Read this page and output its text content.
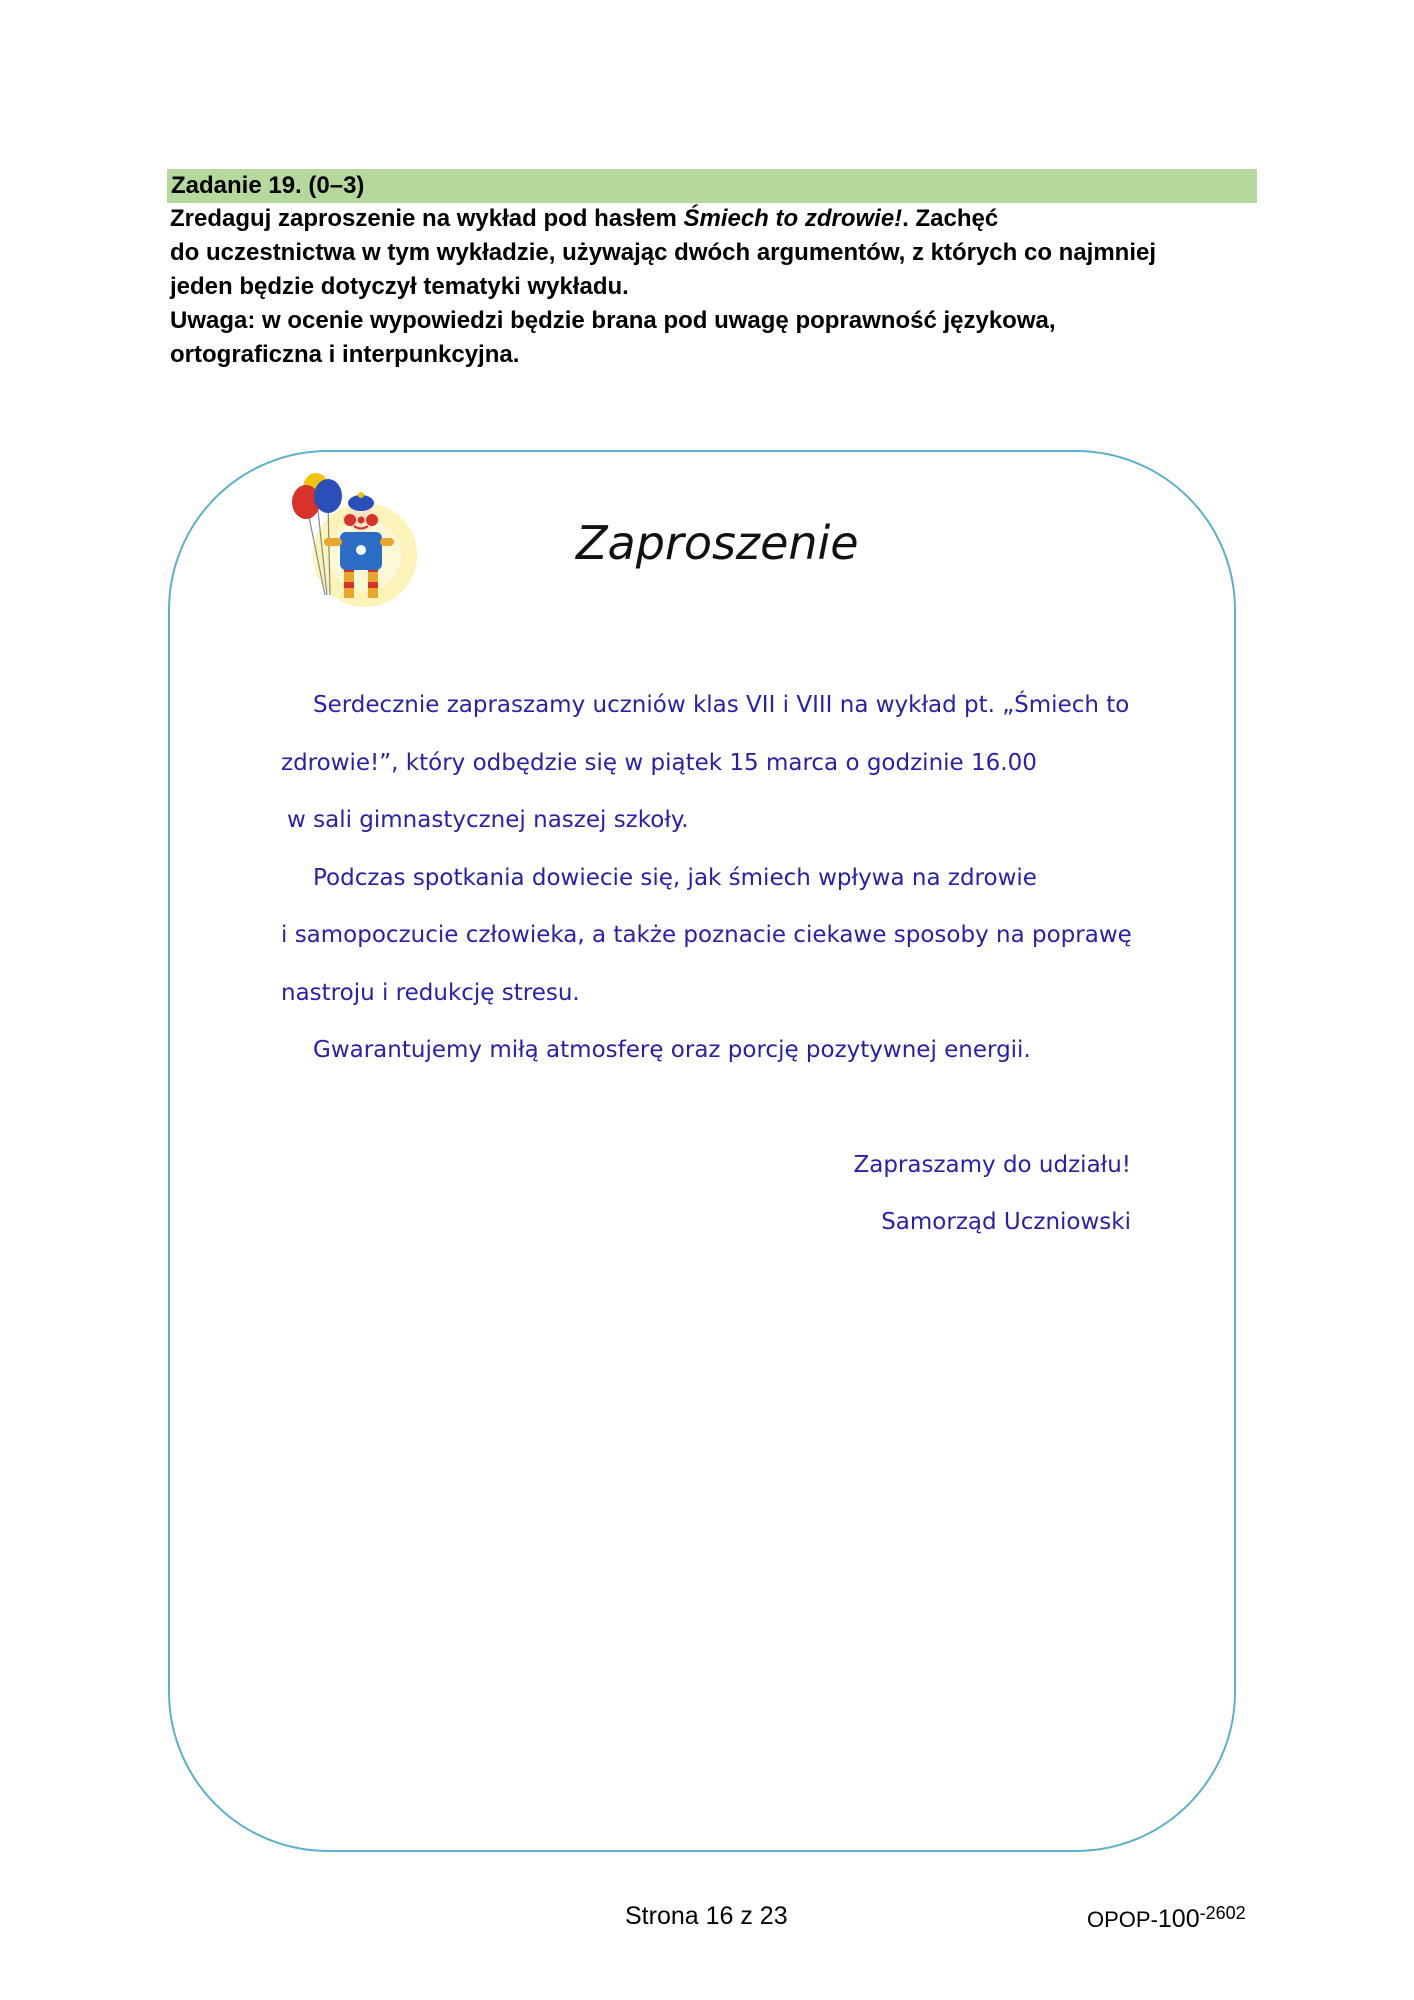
Zadanie 19. (0–3)

Zredaguj zaproszenie na wykład pod hasłem Śmiech to zdrowie!. Zachęć

do uczestnictwa w tym wykładzie, używając dwóch argumentów, z których co najmniej

jeden będzie dotyczył tematyki wykładu.

Uwaga: w ocenie wypowiedzi będzie brana pod uwagę poprawność językowa,

ortograficzna i interpunkcyjna.

Zaproszenie

Serdecznie zapraszamy uczniów klas VII i VIII na wykład pt. „Śmiech to

zdrowie!”, który odbędzie się w piątek 15 marca o godzinie 16.00

w sali gimnastycznej naszej szkoły.

Podczas spotkania dowiecie się, jak śmiech wpływa na zdrowie

i samopoczucie człowieka, a także poznacie ciekawe sposoby na poprawę

nastroju i redukcję stresu.

Gwarantujemy miłą atmosferę oraz porcję pozytywnej energii.

Zapraszamy do udziału!

Samorząd Uczniowski

Strona 16 z 23	OPOP-$100^{-2602}$
